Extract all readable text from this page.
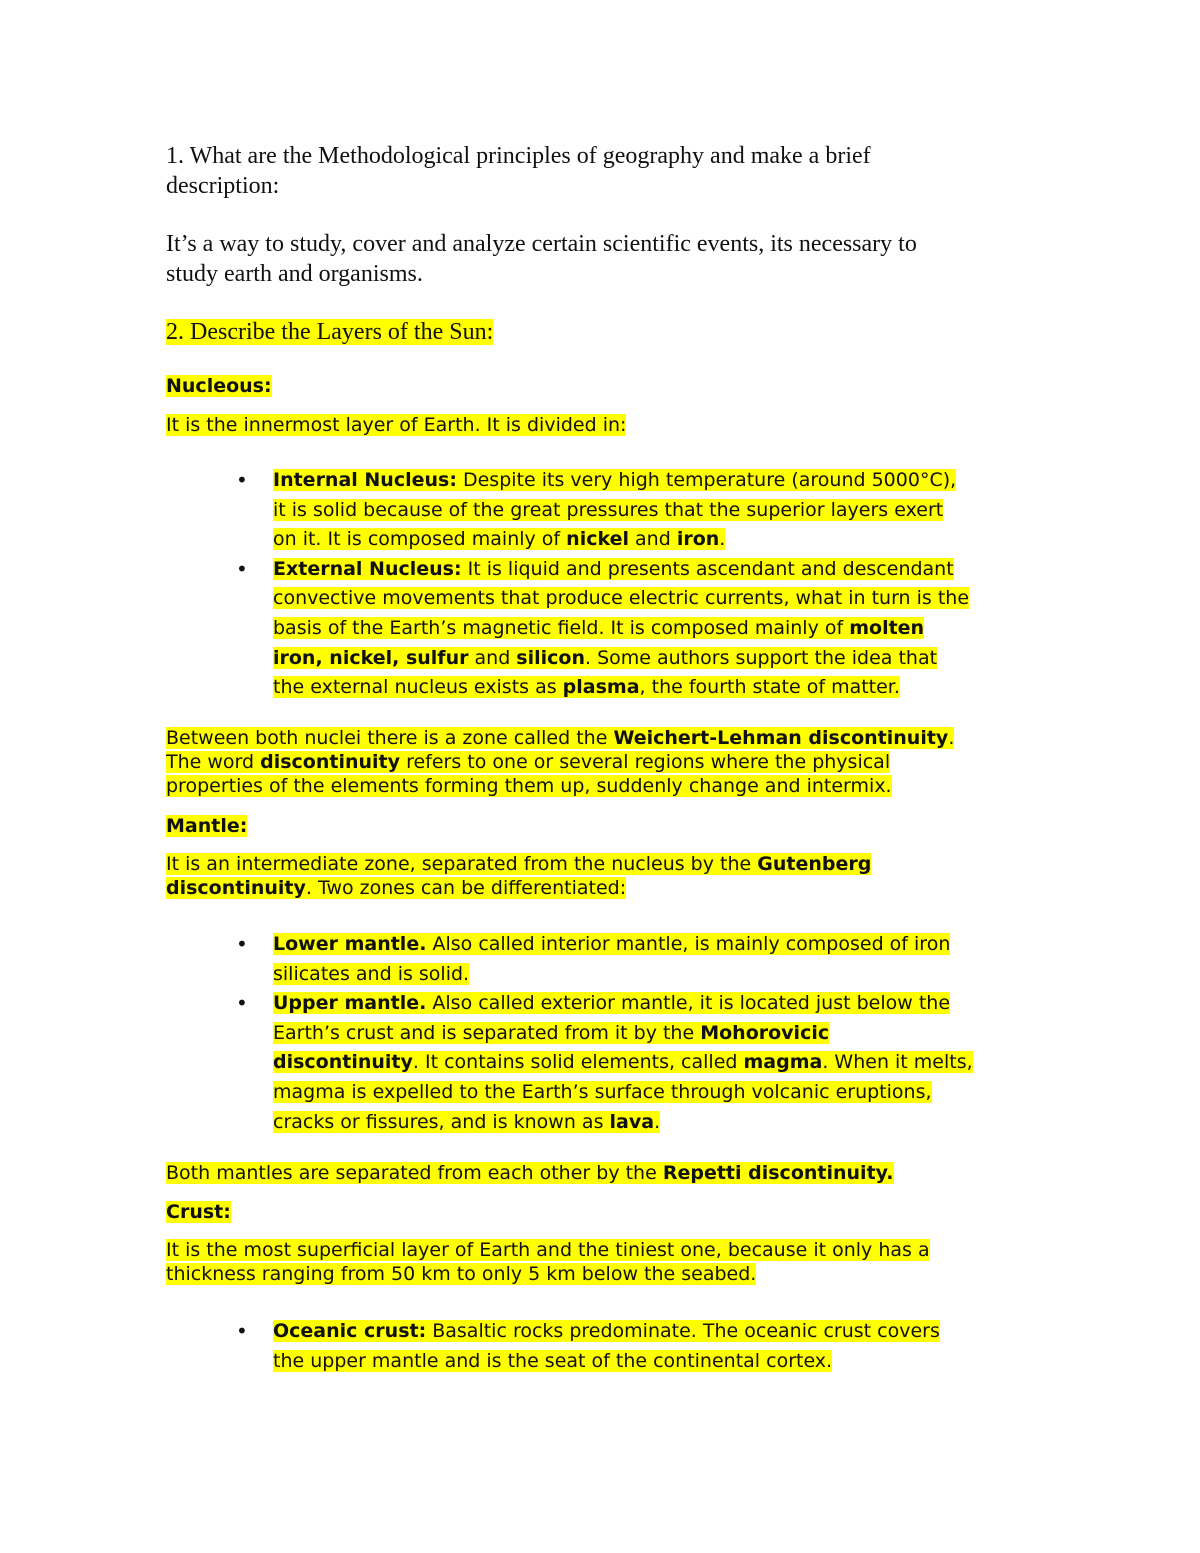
1. What are the Methodological principles of geography and make a brief
description:
It’s a way to study, cover and analyze certain scientific events, its necessary to
study earth and organisms.
2. Describe the Layers of the Sun:
Nucleous:
It is the innermost layer of Earth. It is divided in:
• Internal Nucleus: Despite its very high temperature (around 5000°C),
it is solid because of the great pressures that the superior layers exert
on it. It is composed mainly of nickel and iron.
• External Nucleus: It is liquid and presents ascendant and descendant
convective movements that produce electric currents, what in turn is the
basis of the Earth’s magnetic field. It is composed mainly of molten
iron, nickel, sulfur and silicon. Some authors support the idea that
the external nucleus exists as plasma, the fourth state of matter.
Between both nuclei there is a zone called the Weichert-Lehman discontinuity.
The word discontinuity refers to one or several regions where the physical
properties of the elements forming them up, suddenly change and intermix.
Mantle:
It is an intermediate zone, separated from the nucleus by the Gutenberg
discontinuity. Two zones can be differentiated:
• Lower mantle. Also called interior mantle, is mainly composed of iron
silicates and is solid.
• Upper mantle. Also called exterior mantle, it is located just below the
Earth’s crust and is separated from it by the Mohorovicic
discontinuity. It contains solid elements, called magma. When it melts,
magma is expelled to the Earth’s surface through volcanic eruptions,
cracks or fissures, and is known as lava.
Both mantles are separated from each other by the Repetti discontinuity.
Crust:
It is the most superficial layer of Earth and the tiniest one, because it only has a
thickness ranging from 50 km to only 5 km below the seabed.
• Oceanic crust: Basaltic rocks predominate. The oceanic crust covers
the upper mantle and is the seat of the continental cortex.
